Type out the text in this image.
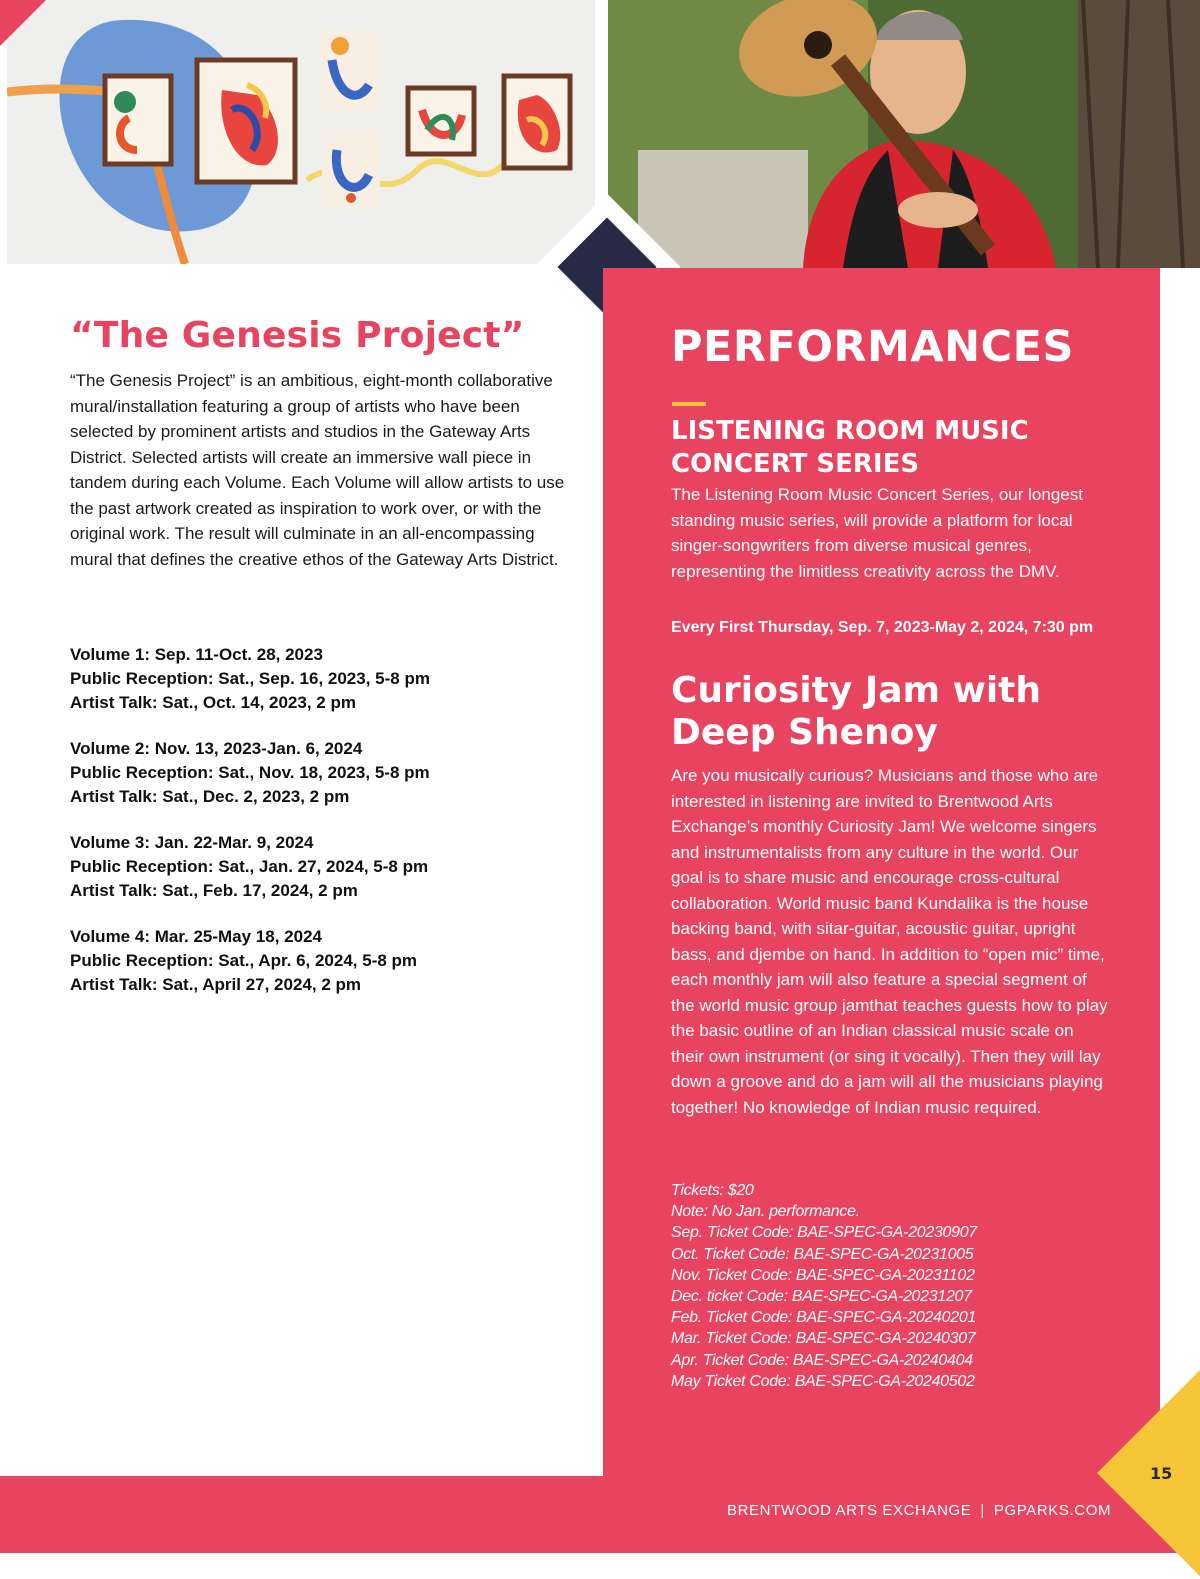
“The Genesis Project”

“The Genesis Project” is an ambitious, eight-month collaborative mural/installation featuring a group of artists who have been selected by prominent artists and studios in the Gateway Arts District. Selected artists will create an immersive wall piece in tandem during each Volume. Each Volume will allow artists to use the past artwork created as inspiration to work over, or with the original work. The result will culminate in an all-encompassing mural that defines the creative ethos of the Gateway Arts District.

Volume 1: Sep. 11-Oct. 28, 2023
Public Reception: Sat., Sep. 16, 2023, 5-8 pm
Artist Talk: Sat., Oct. 14, 2023, 2 pm
Volume 2: Nov. 13, 2023-Jan. 6, 2024
Public Reception: Sat., Nov. 18, 2023, 5-8 pm
Artist Talk: Sat., Dec. 2, 2023, 2 pm
Volume 3: Jan. 22-Mar. 9, 2024
Public Reception: Sat., Jan. 27, 2024, 5-8 pm
Artist Talk: Sat., Feb. 17, 2024, 2 pm
Volume 4: Mar. 25-May 18, 2024
Public Reception: Sat., Apr. 6, 2024, 5-8 pm
Artist Talk: Sat., April 27, 2024, 2 pm
PERFORMANCES
LISTENING ROOM MUSIC CONCERT SERIES

The Listening Room Music Concert Series, our longest standing music series, will provide a platform for local singer-songwriters from diverse musical genres, representing the limitless creativity across the DMV.

Every First Thursday, Sep. 7, 2023-May 2, 2024, 7:30 pm

Curiosity Jam with Deep Shenoy

Are you musically curious? Musicians and those who are interested in listening are invited to Brentwood Arts Exchange’s monthly Curiosity Jam! We welcome singers and instrumentalists from any culture in the world. Our goal is to share music and encourage cross-cultural collaboration. World music band Kundalika is the house backing band, with sitar-guitar, acoustic guitar, upright bass, and djembe on hand. In addition to “open mic” time, each monthly jam will also feature a special segment of the world music group jamthat teaches guests how to play the basic outline of an Indian classical music scale on their own instrument (or sing it vocally). Then they will lay down a groove and do a jam will all the musicians playing together! No knowledge of Indian music required.

Tickets: $20
Note: No Jan. performance.
Sep. Ticket Code: BAE-SPEC-GA-20230907
Oct. Ticket Code: BAE-SPEC-GA-20231005
Nov. Ticket Code: BAE-SPEC-GA-20231102
Dec. ticket Code: BAE-SPEC-GA-20231207
Feb. Ticket Code: BAE-SPEC-GA-20240201
Mar. Ticket Code: BAE-SPEC-GA-20240307
Apr. Ticket Code: BAE-SPEC-GA-20240404
May Ticket Code: BAE-SPEC-GA-20240502
BRENTWOOD ARTS EXCHANGE | PGPARKS.COM
15
